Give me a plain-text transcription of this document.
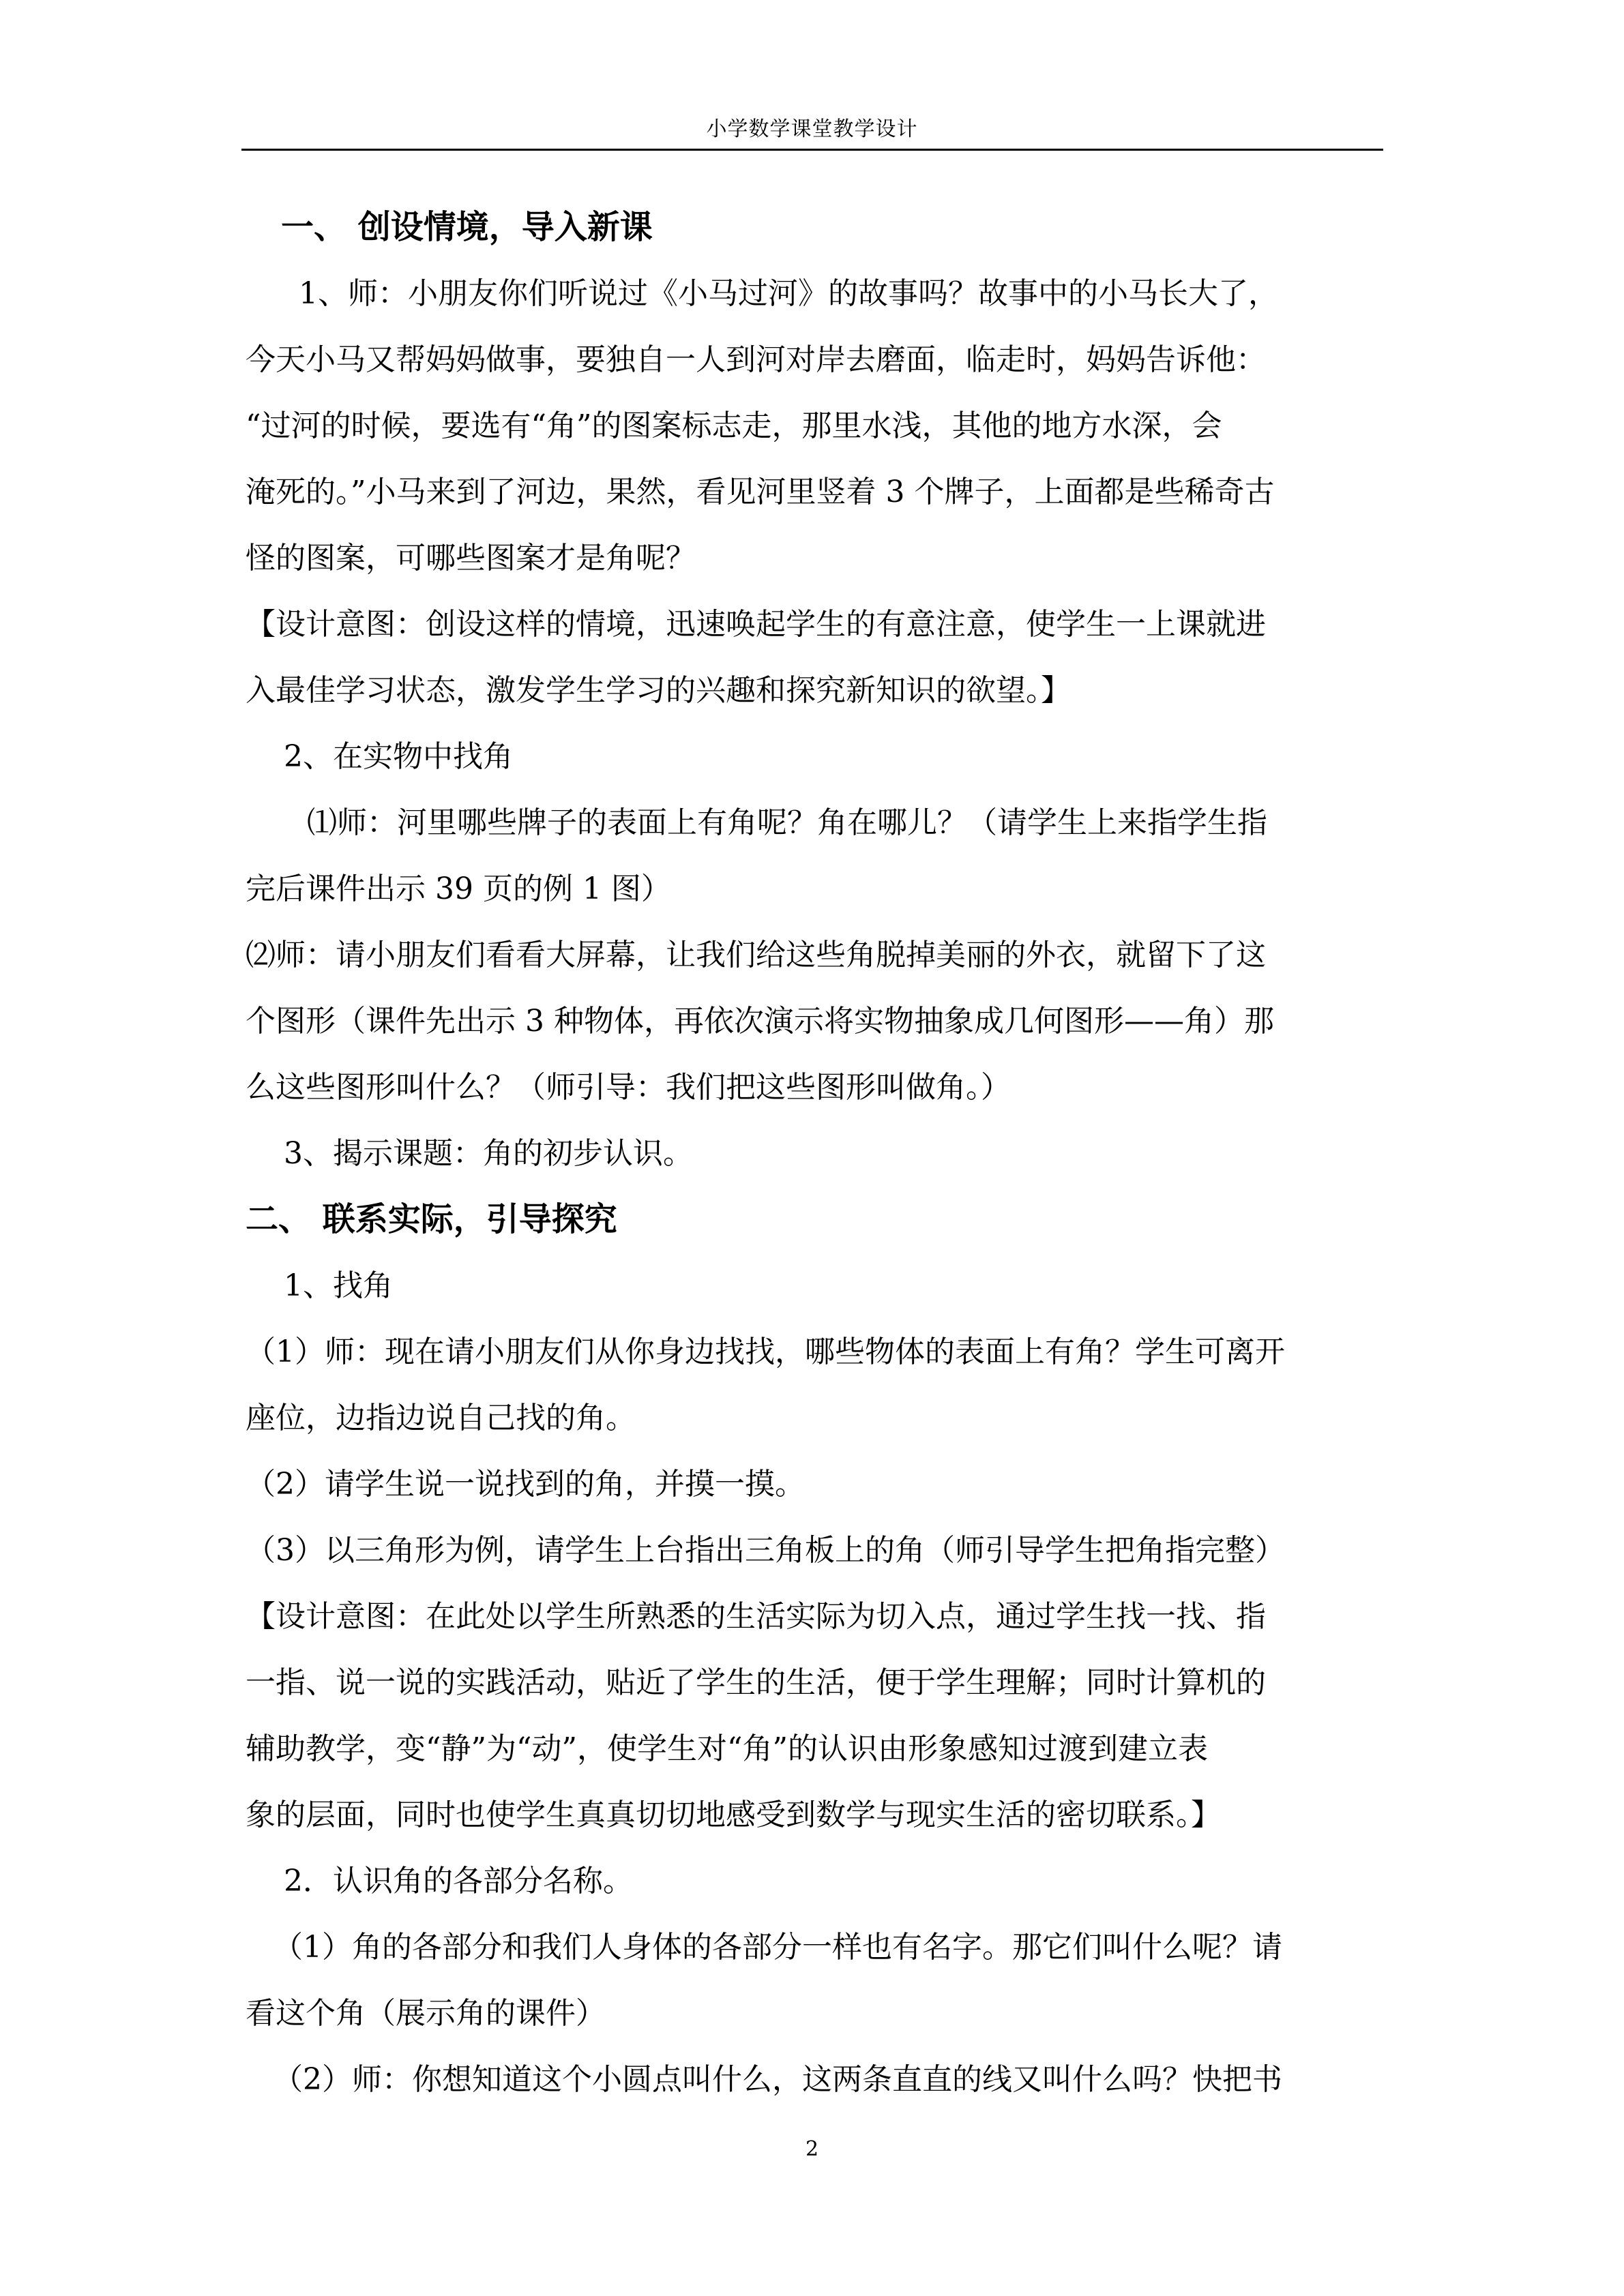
小学数学课堂教学设计
一、 创设情境，导入新课
1、师：小朋友你们听说过《小马过河》的故事吗？故事中的小马长大了，
今天小马又帮妈妈做事，要独自一人到河对岸去磨面，临走时，妈妈告诉他：
“过河的时候，要选有“角”的图案标志走，那里水浅，其他的地方水深，会
淹死的。”小马来到了河边，果然，看见河里竖着 3 个牌子，上面都是些稀奇古
怪的图案，可哪些图案才是角呢？
【设计意图：创设这样的情境，迅速唤起学生的有意注意，使学生一上课就进
入最佳学习状态，激发学生学习的兴趣和探究新知识的欲望。】
2、在实物中找角
⑴师：河里哪些牌子的表面上有角呢？角在哪儿？（请学生上来指学生指
完后课件出示 39 页的例 1 图）
⑵师：请小朋友们看看大屏幕，让我们给这些角脱掉美丽的外衣，就留下了这
个图形（课件先出示 3 种物体，再依次演示将实物抽象成几何图形——角）那
么这些图形叫什么？（师引导：我们把这些图形叫做角。）
3、揭示课题：角的初步认识。
二、 联系实际，引导探究
1、找角
（1）师：现在请小朋友们从你身边找找，哪些物体的表面上有角？学生可离开
座位，边指边说自己找的角。
（2）请学生说一说找到的角，并摸一摸。
（3）以三角形为例，请学生上台指出三角板上的角（师引导学生把角指完整）
【设计意图：在此处以学生所熟悉的生活实际为切入点，通过学生找一找、指
一指、说一说的实践活动，贴近了学生的生活，便于学生理解；同时计算机的
辅助教学，变“静”为“动”，使学生对“角”的认识由形象感知过渡到建立表
象的层面，同时也使学生真真切切地感受到数学与现实生活的密切联系。】
2．认识角的各部分名称。
（1）角的各部分和我们人身体的各部分一样也有名字。那它们叫什么呢？请
看这个角（展示角的课件）
（2）师：你想知道这个小圆点叫什么，这两条直直的线又叫什么吗？快把书
2
